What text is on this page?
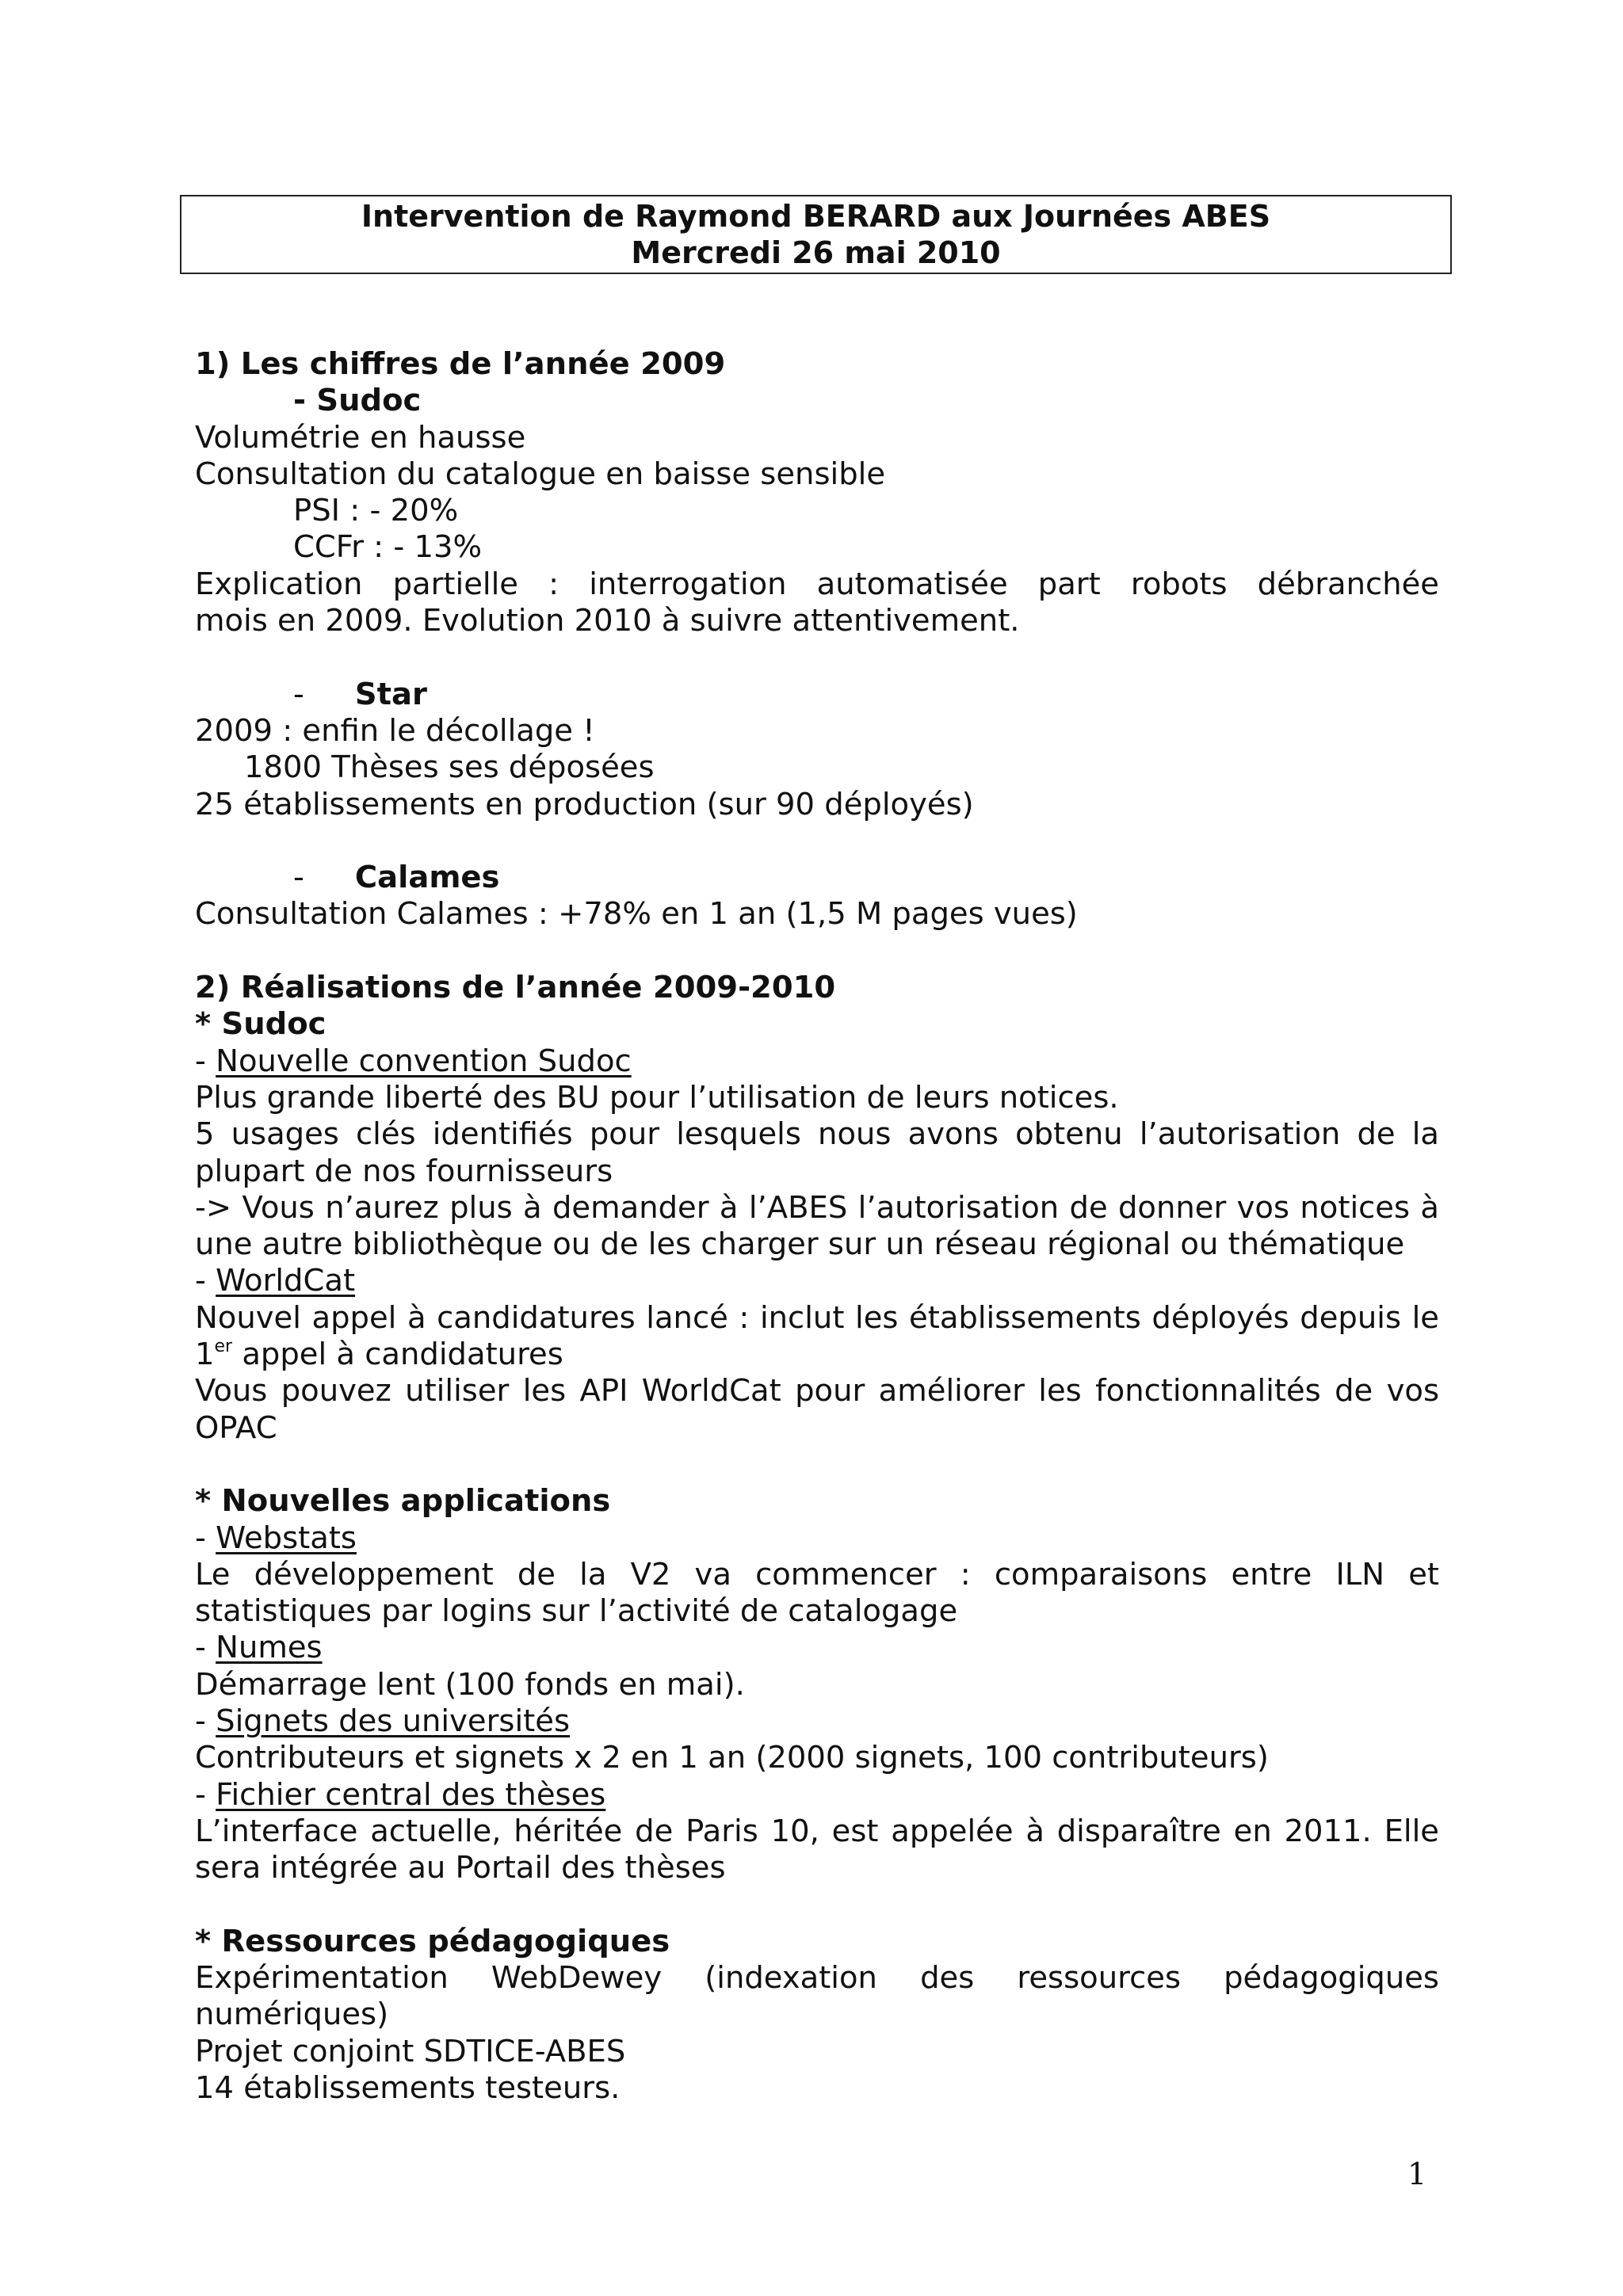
Intervention de Raymond BERARD aux Journées ABES
Mercredi 26 mai 2010
1) Les chiffres de l’année 2009
- Sudoc
Volumétrie en hausse
Consultation du catalogue en baisse sensible
PSI : - 20%
CCFr : - 13%
Explication partielle : interrogation automatisée part robots débranchée
mois en 2009. Evolution 2010 à suivre attentivement.
- Star
2009 : enfin le décollage !
1800 Thèses ses déposées
25 établissements en production (sur 90 déployés)
- Calames
Consultation Calames : +78% en 1 an (1,5 M pages vues)
2) Réalisations de l’année 2009-2010
* Sudoc
- Nouvelle convention Sudoc
Plus grande liberté des BU pour l’utilisation de leurs notices.
5 usages clés identifiés pour lesquels nous avons obtenu l’autorisation de la
plupart de nos fournisseurs
-> Vous n’aurez plus à demander à l’ABES l’autorisation de donner vos notices à
une autre bibliothèque ou de les charger sur un réseau régional ou thématique
- WorldCat
Nouvel appel à candidatures lancé : inclut les établissements déployés depuis le
1er appel à candidatures
Vous pouvez utiliser les API WorldCat pour améliorer les fonctionnalités de vos
OPAC
* Nouvelles applications
- Webstats
Le développement de la V2 va commencer : comparaisons entre ILN et
statistiques par logins sur l’activité de catalogage
- Numes
Démarrage lent (100 fonds en mai).
- Signets des universités
Contributeurs et signets x 2 en 1 an (2000 signets, 100 contributeurs)
- Fichier central des thèses
L’interface actuelle, héritée de Paris 10, est appelée à disparaître en 2011. Elle
sera intégrée au Portail des thèses
* Ressources pédagogiques
Expérimentation WebDewey (indexation des ressources pédagogiques
numériques)
Projet conjoint SDTICE-ABES
14 établissements testeurs.
1
